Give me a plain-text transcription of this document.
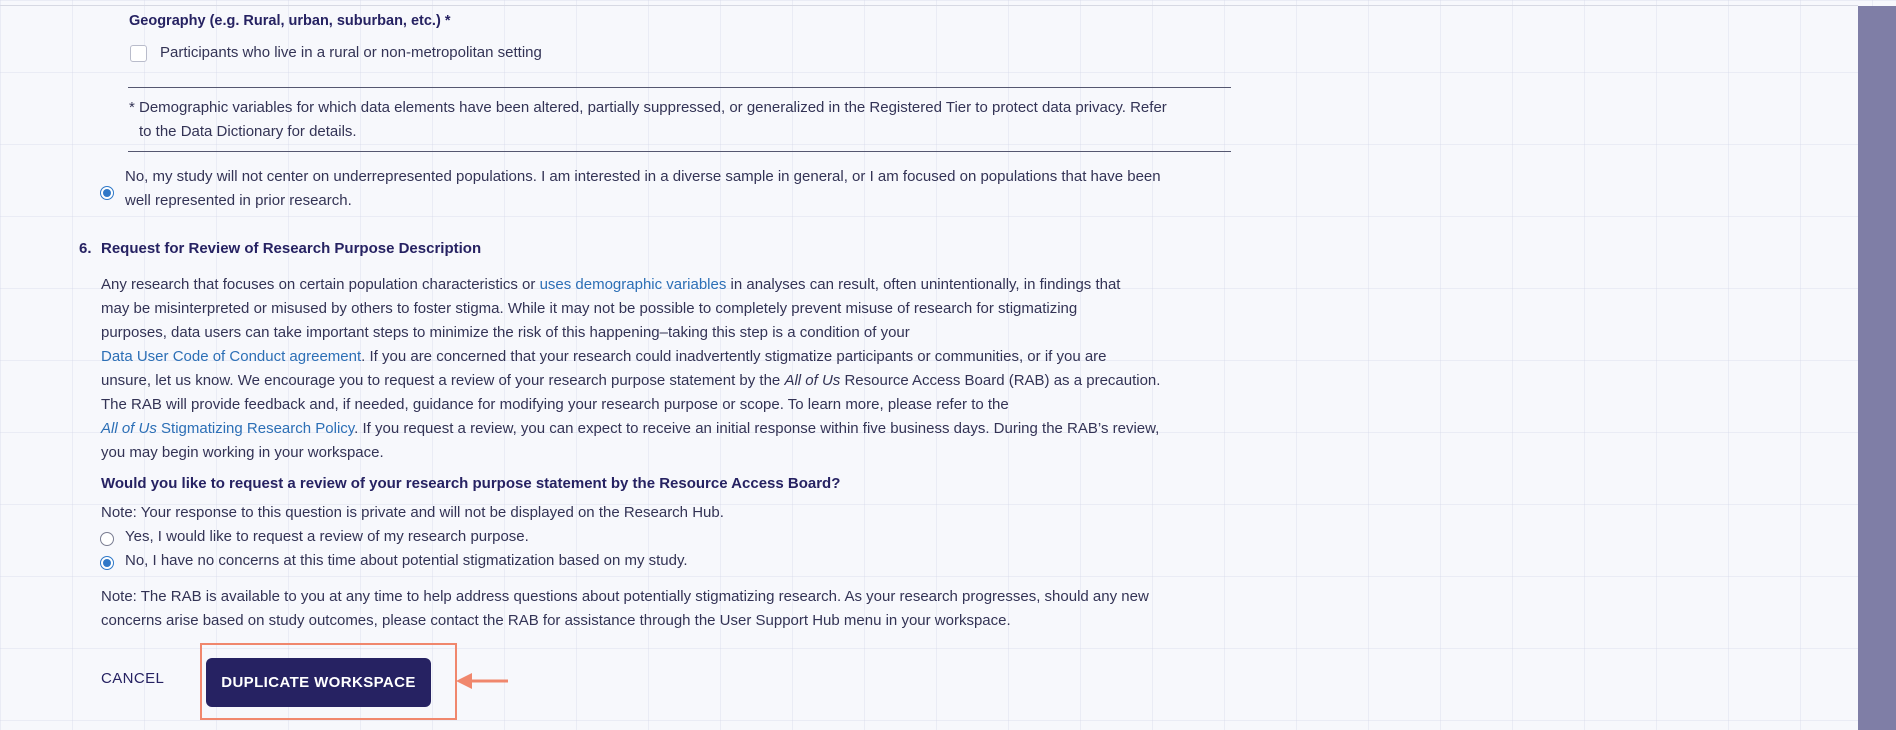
Geography (e.g. Rural, urban, suburban, etc.) *
Participants who live in a rural or non-metropolitan setting
* Demographic variables for which data elements have been altered, partially suppressed, or generalized in the Registered Tier to protect data privacy. Refer
to the Data Dictionary for details.
No, my study will not center on underrepresented populations. I am interested in a diverse sample in general, or I am focused on populations that have been
well represented in prior research.
6. Request for Review of Research Purpose Description
Any research that focuses on certain population characteristics or uses demographic variables in analyses can result, often unintentionally, in findings that
may be misinterpreted or misused by others to foster stigma. While it may not be possible to completely prevent misuse of research for stigmatizing
purposes, data users can take important steps to minimize the risk of this happening–taking this step is a condition of your
Data User Code of Conduct agreement. If you are concerned that your research could inadvertently stigmatize participants or communities, or if you are
unsure, let us know. We encourage you to request a review of your research purpose statement by the All of Us Resource Access Board (RAB) as a precaution.
The RAB will provide feedback and, if needed, guidance for modifying your research purpose or scope. To learn more, please refer to the
All of Us Stigmatizing Research Policy. If you request a review, you can expect to receive an initial response within five business days. During the RAB’s review,
you may begin working in your workspace.
Would you like to request a review of your research purpose statement by the Resource Access Board?
Note: Your response to this question is private and will not be displayed on the Research Hub.
Yes, I would like to request a review of my research purpose.
No, I have no concerns at this time about potential stigmatization based on my study.
Note: The RAB is available to you at any time to help address questions about potentially stigmatizing research. As your research progresses, should any new
concerns arise based on study outcomes, please contact the RAB for assistance through the User Support Hub menu in your workspace.
CANCEL	DUPLICATE WORKSPACE
